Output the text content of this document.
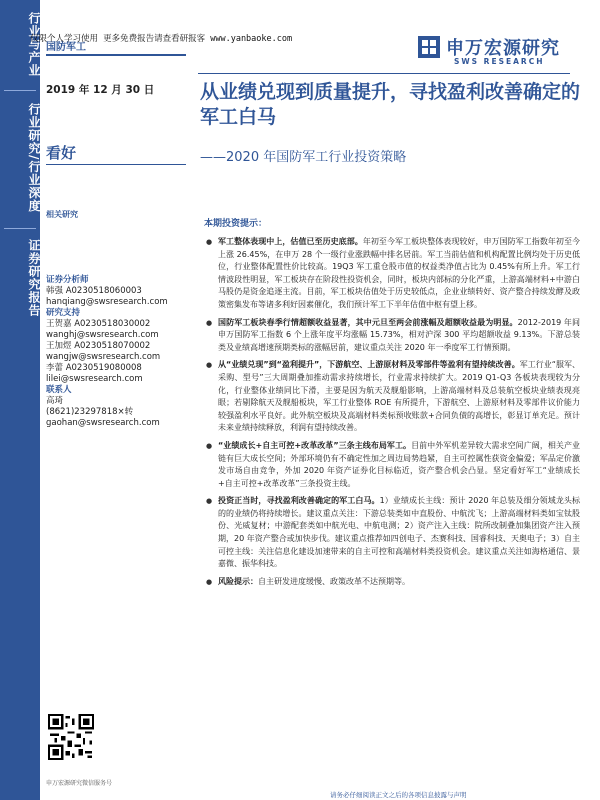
行业与产业
行业研究/行业深度
证券研究报告
仅限个人学习使用 更多免费报告请查看研报客 www.yanbaoke.com
国防军工	申万宏源研究
SWS RESEARCH
2019 年 12 月 30 日
看好
相关研究
从业绩兑现到质量提升，寻找盈利改善确定的军工白马
——2020 年国防军工行业投资策略
证券分析师
韩强 A0230518060003
hanqiang@swsresearch.com
研究支持
王贺嘉 A0230518030002
wanghj@swsresearch.com
王加煜 A0230518070002
wangjw@swsresearch.com
李蕾 A0230519080008
lilei@swsresearch.com
联系人
高琦
(8621)23297818×转
gaohan@swsresearch.com
申万宏源研究微信服务号
本期投资提示：
● 军工整体表现中上，估值已至历史底部。年初至今军工板块整体表现较好，申万国防军工指数年初至今上涨 26.45%，在申万 28 个一级行业涨跌幅中排名居前。军工当前估值和机构配置比例均处于历史低位，行业整体配置性价比较高。19Q3 军工重仓股市值的权益类净值占比为 0.45%有所上升。军工行情波段性明显，军工板块存在阶段性投资机会，同时，板块内部标的分化严重，上游高端材料+中游白马股仍是资金追逐主流。目前，军工板块估值处于历史较低点，企业业绩转好、资产整合持续发酵及政策密集发布等诸多利好因素催化，我们预计军工下半年估值中枢有望上移。
● 国防军工板块春季行情超额收益显著，其中元旦至两会前涨幅及超额收益最为明显。2012-2019 年间申万国防军工指数 6 个上涨年度平均涨幅 15.73%，相对沪深 300 平均超额收益 9.13%。下游总装类及业绩高增速预期类标的涨幅居前，建议重点关注 2020 年一季度军工行情预期。
● 从“业绩兑现”到“盈利提升”，下游航空、上游原材料及零部件等盈利有望持续改善。军工行业“服军、采购、型号”三大周期叠加推动需求持续增长，行业需求持续扩大。2019 Q1-Q3 各板块表现较为分化，行业整体业绩同比下滑，主要是因为航天及舰船影响，上游高端材料及总装航空板块业绩表现亮眼；若剔除航天及舰船板块，军工行业整体 ROE 有所提升，下游航空、上游原材料及零部件议价能力较强盈利水平良好。此外航空板块及高端材料类标预收账款+合同负债的高增长，彰显订单充足。预计未来业绩持续释放，利润有望持续改善。
● “业绩成长+自主可控+改革改革”三条主线布局军工。目前中外军机差异较大需求空间广阔，相关产业链有巨大成长空间；外部环境仍有不确定性加之周边局势趋紧，自主可控属性获资金偏爱；军品定价激发市场自由竞争，外加 2020 年资产证券化目标临近，资产整合机会凸显。坚定看好军工“业绩成长+自主可控+改革改革”三条投资主线。
● 投资正当时，寻找盈利改善确定的军工白马。1）业绩成长主线：预计 2020 年总装及细分领域龙头标的的业绩仍将持续增长。建议重点关注：下游总装类如中直股份、中航沈飞；上游高端材料类如宝钛股份、光威复材；中游配套类如中航光电、中航电测；2）资产注入主线：院所改制叠加集团资产注入预期，20 年资产整合或加快步伐。建议重点推荐如四创电子、杰赛科技、国睿科技、天奥电子；3）自主可控主线：关注信息化建设加速带来的自主可控和高端材料类投资机会。建议重点关注如海格通信、景嘉微、振华科技。
● 风险提示：自主研发进度缓慢、政策改革不达预期等。
请务必仔细阅读正文之后的各项信息披露与声明
